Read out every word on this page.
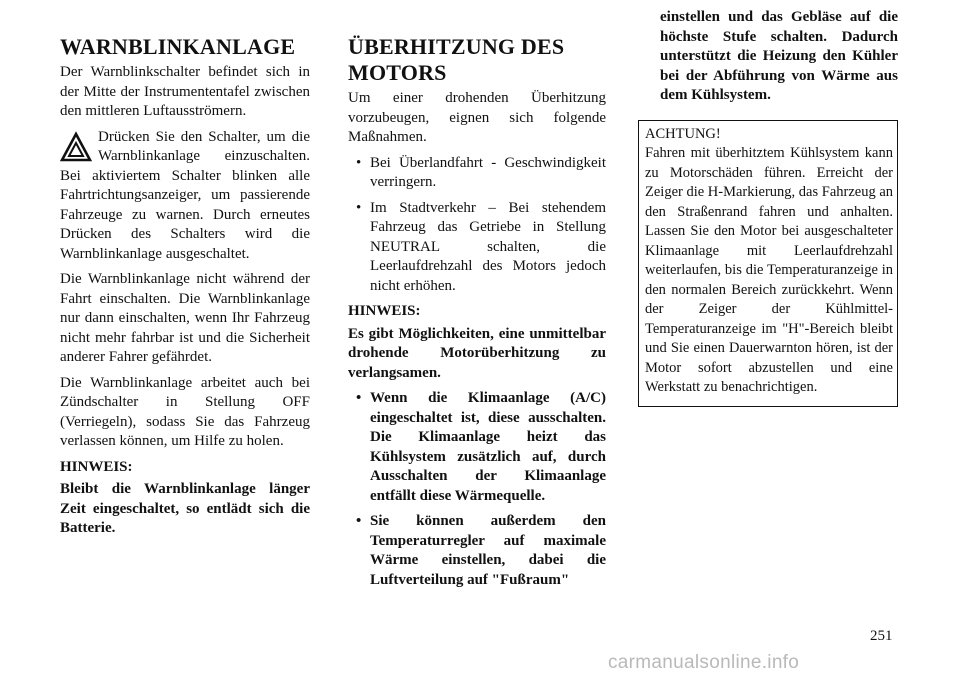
WARNBLINKANLAGE

Der Warnblinkschalter befindet sich in der Mitte der Instrumententafel zwischen den mittleren Luftausströmern.

Drücken Sie den Schalter, um die Warnblinkanlage einzuschalten. Bei aktiviertem Schalter blinken alle Fahrtrichtungsanzeiger, um passierende Fahrzeuge zu warnen. Durch erneutes Drücken des Schalters wird die Warnblinkanlage ausgeschaltet.

Die Warnblinkanlage nicht während der Fahrt einschalten. Die Warnblinkanlage nur dann einschalten, wenn Ihr Fahrzeug nicht mehr fahrbar ist und die Sicherheit anderer Fahrer gefährdet.

Die Warnblinkanlage arbeitet auch bei Zündschalter in Stellung OFF (Verriegeln), sodass Sie das Fahrzeug verlassen können, um Hilfe zu holen.

HINWEIS:

Bleibt die Warnblinkanlage länger Zeit eingeschaltet, so entlädt sich die Batterie.

ÜBERHITZUNG DES MOTORS

Um einer drohenden Überhitzung vorzubeugen, eignen sich folgende Maßnahmen.

• Bei Überlandfahrt - Geschwindigkeit verringern.
• Im Stadtverkehr – Bei stehendem Fahrzeug das Getriebe in Stellung NEUTRAL schalten, die Leerlaufdrehzahl des Motors jedoch nicht erhöhen.

HINWEIS:

Es gibt Möglichkeiten, eine unmittelbar drohende Motorüberhitzung zu verlangsamen.

• Wenn die Klimaanlage (A/C) eingeschaltet ist, diese ausschalten. Die Klimaanlage heizt das Kühlsystem zusätzlich auf, durch Ausschalten der Klimaanlage entfällt diese Wärmequelle.
• Sie können außerdem den Temperaturregler auf maximale Wärme einstellen, dabei die Luftverteilung auf "Fußraum"
einstellen und das Gebläse auf die höchste Stufe schalten. Dadurch unterstützt die Heizung den Kühler bei der Abführung von Wärme aus dem Kühlsystem.
ACHTUNG!
Fahren mit überhitztem Kühlsystem kann zu Motorschäden führen. Erreicht der Zeiger die H-Markierung, das Fahrzeug an den Straßenrand fahren und anhalten. Lassen Sie den Motor bei ausgeschalteter Klimaanlage mit Leerlaufdrehzahl weiterlaufen, bis die Temperaturanzeige in den normalen Bereich zurückkehrt. Wenn der Zeiger der Kühlmittel-Temperaturanzeige im "H"-Bereich bleibt und Sie einen Dauerwarnton hören, ist der Motor sofort abzustellen und eine Werkstatt zu benachrichtigen.
251
carmanualsonline.info
